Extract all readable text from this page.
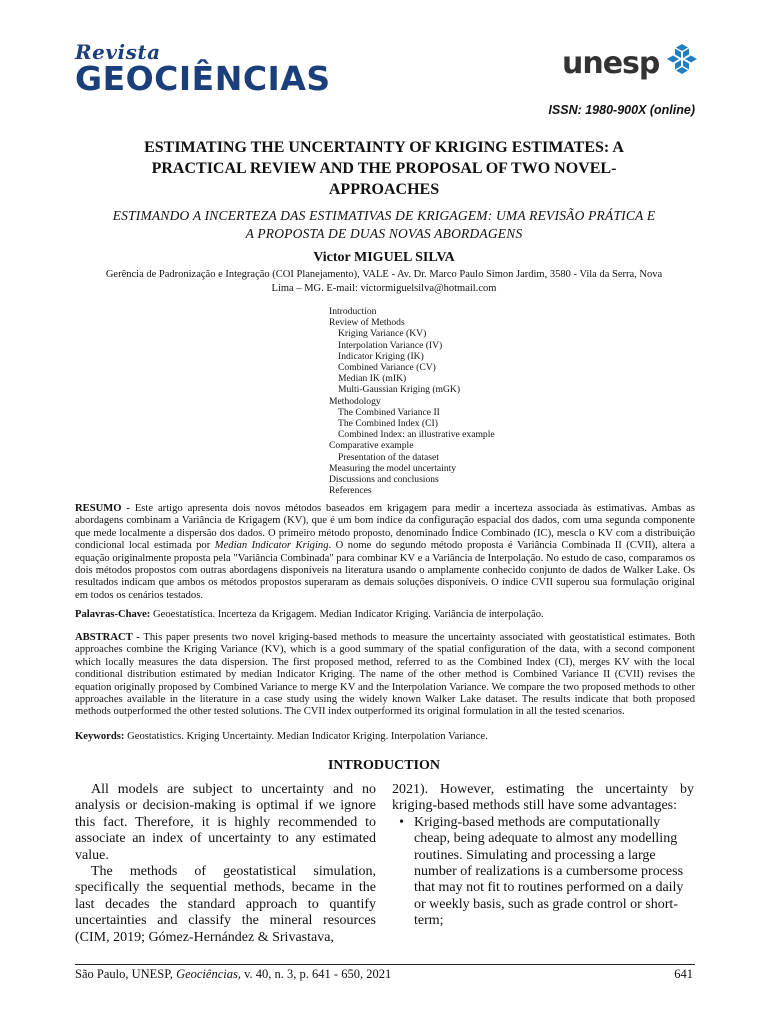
Revista
GEOCIÊNCIAS	unesp
ISSN: 1980-900X (online)
ESTIMATING THE UNCERTAINTY OF KRIGING ESTIMATES: A
PRACTICAL REVIEW AND THE PROPOSAL OF TWO NOVEL-
APPROACHES
ESTIMANDO A INCERTEZA DAS ESTIMATIVAS DE KRIGAGEM: UMA REVISÃO PRÁTICA E
A PROPOSTA DE DUAS NOVAS ABORDAGENS
Victor MIGUEL SILVA
Gerência de Padronização e Integração (COI Planejamento), VALE - Av. Dr. Marco Paulo Simon Jardim, 3580 - Vila da Serra, Nova
Lima – MG. E-mail: victormiguelsilva@hotmail.com
Introduction
Review of Methods
Kriging Variance (KV)
Interpolation Variance (IV)
Indicator Kriging (IK)
Combined Variance (CV)
Median IK (mIK)
Multi-Gaussian Kriging (mGK)
Methodology
The Combined Variance II
The Combined Index (CI)
Combined Index: an illustrative example
Comparative example
Presentation of the dataset
Measuring the model uncertainty
Discussions and conclusions
References
RESUMO - Este artigo apresenta dois novos métodos baseados em krigagem para medir a incerteza associada às estimativas. Ambas as abordagens combinam a Variância de Krigagem (KV), que é um bom índice da configuração espacial dos dados, com uma segunda componente que mede localmente a dispersão dos dados. O primeiro método proposto, denominado Índice Combinado (IC), mescla o KV com a distribuição condicional local estimada por Median Indicator Kriging. O nome do segundo método proposta é Variância Combinada II (CVII), altera a equação originalmente proposta pela "Variância Combinada" para combinar KV e a Variância de Interpolação. No estudo de caso, comparamos os dois métodos propostos com outras abordagens disponíveis na literatura usando o amplamente conhecido conjunto de dados de Walker Lake. Os resultados indicam que ambos os métodos propostos superaram as demais soluções disponíveis. O índice CVII superou sua formulação original em todos os cenários testados.
Palavras-Chave: Geoestatística. Incerteza da Krigagem. Median Indicator Kriging. Variância de interpolação.
ABSTRACT - This paper presents two novel kriging-based methods to measure the uncertainty associated with geostatistical estimates. Both approaches combine the Kriging Variance (KV), which is a good summary of the spatial configuration of the data, with a second component which locally measures the data dispersion. The first proposed method, referred to as the Combined Index (CI), merges KV with the local conditional distribution estimated by median Indicator Kriging. The name of the other method is Combined Variance II (CVII) revises the equation originally proposed by Combined Variance to merge KV and the Interpolation Variance. We compare the two proposed methods to other approaches available in the literature in a case study using the widely known Walker Lake dataset. The results indicate that both proposed methods outperformed the other tested solutions. The CVII index outperformed its original formulation in all the tested scenarios.
Keywords: Geostatistics. Kriging Uncertainty. Median Indicator Kriging. Interpolation Variance.
INTRODUCTION

All models are subject to uncertainty and no analysis or decision-making is optimal if we ignore this fact. Therefore, it is highly recommended to associate an index of uncertainty to any estimated value.

The methods of geostatistical simulation, specifically the sequential methods, became in the last decades the standard approach to quantify uncertainties and classify the mineral resources (CIM, 2019; Gómez-Hernández & Srivastava,

2021). However, estimating the uncertainty by kriging-based methods still have some advantages:

• Kriging-based methods are computationally cheap, being adequate to almost any modelling routines. Simulating and processing a large number of realizations is a cumbersome process that may not fit to routines performed on a daily or weekly basis, such as grade control or short-term;
São Paulo, UNESP, Geociências, v. 40, n. 3, p. 641 - 650, 2021	641
